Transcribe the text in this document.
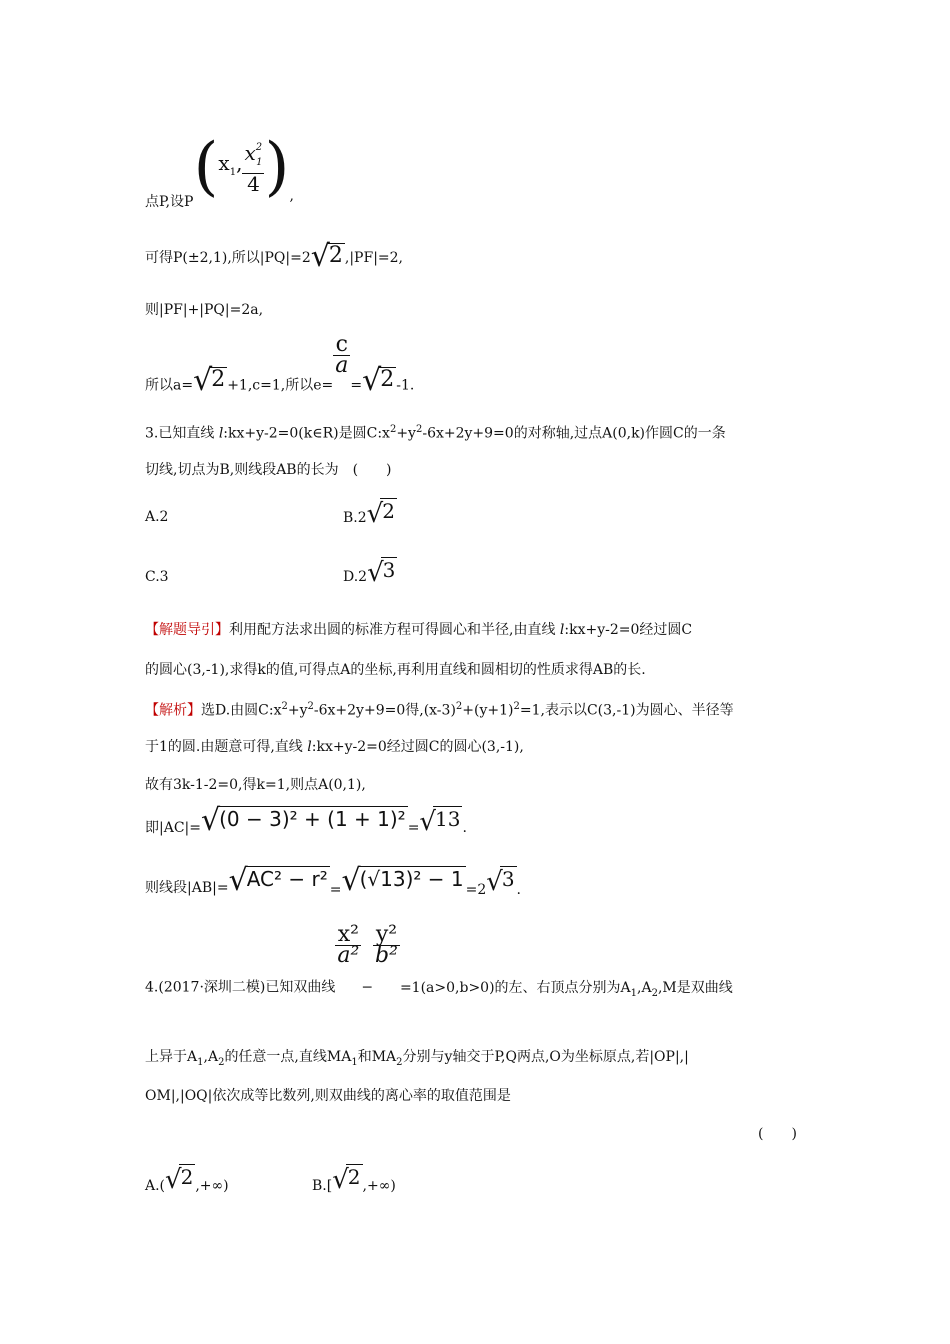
点P,设$P(x_1$, $\frac{x^2_1}{4}$ ),
可得P(±2,1),所以|PQ|=2√2 ,|PF|=2,
则|PF|+|PQ|=2a,
所以a=√2 +1,c=1,所以e=
$\frac{c}{a}$
=√2 -1.
3.已知直线 l:kx+y-2=0(k∈R)是圆$C:x^2+y^2-6x+2y+9=0$的对称轴,过点A(0,k)作圆C的一条
切线,切点为B,则线段AB的长为　(　　)
A.2	B.2√2
C.3	D.2√3
【解题导引】利用配方法求出圆的标准方程可得圆心和半径,由直线 l:kx+y-2=0经过圆C
的圆心(3,-1),求得k的值,可得点A的坐标,再利用直线和圆相切的性质求得AB的长.
【解析】选D.由圆$C:x^2+y^2-6x+2y+9=0$得$,(x-3)^2+(y+1)^2=1$,表示以C(3,-1)为圆心、半径等
于1的圆.由题意可得,直线 l:kx+y-2=0经过圆C的圆心(3,-1),
故有3k-1-2=0,得k=1,则点A(0,1),
即|AC|=√(0 − 3)² + (1 + 1)² =√13 .
则线段|AB|=√AC² − r² =√(√13)² − 1 =2√3 .
4.(2017·深圳二模)已知双曲线
$\frac{\text{x²}}{\text{a²}}$
−
$\frac{\text{y²}}{\text{b²}}$
=1(a>0,b>0)的左、右顶点分别为$A_1,A_2,M$是双曲线
上异于$A_1,A_2$的任意一点,直线$MA_1$和$MA_2$分别与y轴交于P,Q两点,O为坐标原点,若|OP|,|
OM|,|OQ|依次成等比数列,则双曲线的离心率的取值范围是
(　　)
A.(√2 ,+∞)	B.[√2 ,+∞)
